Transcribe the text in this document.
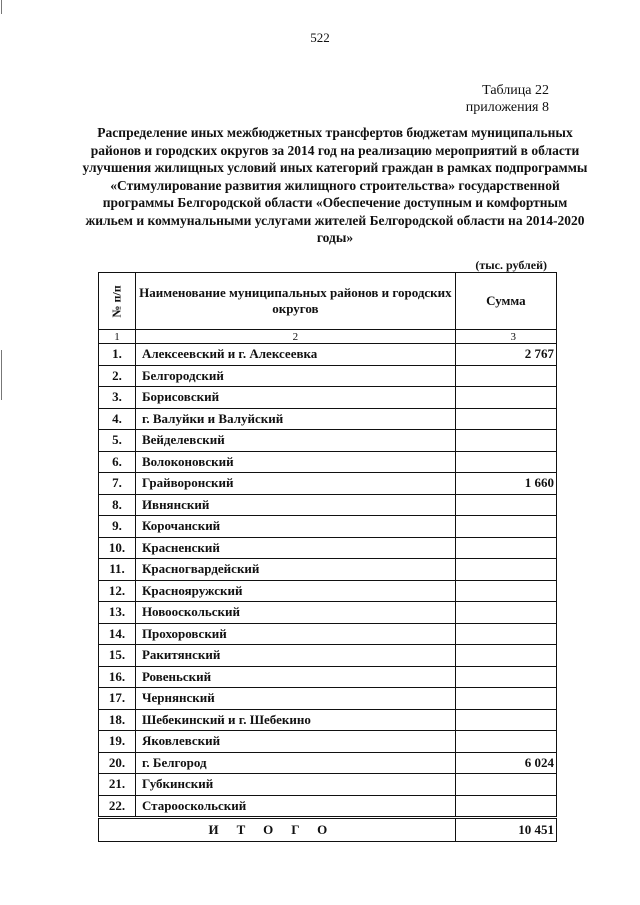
522
Таблица 22
приложения 8
Распределение иных межбюджетных трансфертов бюджетам муниципальных районов и городских округов за 2014 год на реализацию мероприятий в области улучшения жилищных условий иных категорий граждан в рамках подпрограммы «Стимулирование развития жилищного строительства» государственной программы Белгородской области «Обеспечение доступным и комфортным жильем и коммунальными услугами жителей Белгородской области на 2014-2020 годы»
(тыс. рублей)
№ п/п	Наименование муниципальных районов и городских округов	Сумма
1	2	3
1.	Алексеевский и г. Алексеевка	2 767
2.	Белгородский	
3.	Борисовский	
4.	г. Валуйки и Валуйский	
5.	Вейделевский	
6.	Волоконовский	
7.	Грайворонский	1 660
8.	Ивнянский	
9.	Корочанский	
10.	Красненский	
11.	Красногвардейский	
12.	Краснояружский	
13.	Новооскольский	
14.	Прохоровский	
15.	Ракитянский	
16.	Ровеньский	
17.	Чернянский	
18.	Шебекинский и г. Шебекино	
19.	Яковлевский	
20.	г. Белгород	6 024
21.	Губкинский	
22.	Старооскольский	
ИТОГО		10 451
